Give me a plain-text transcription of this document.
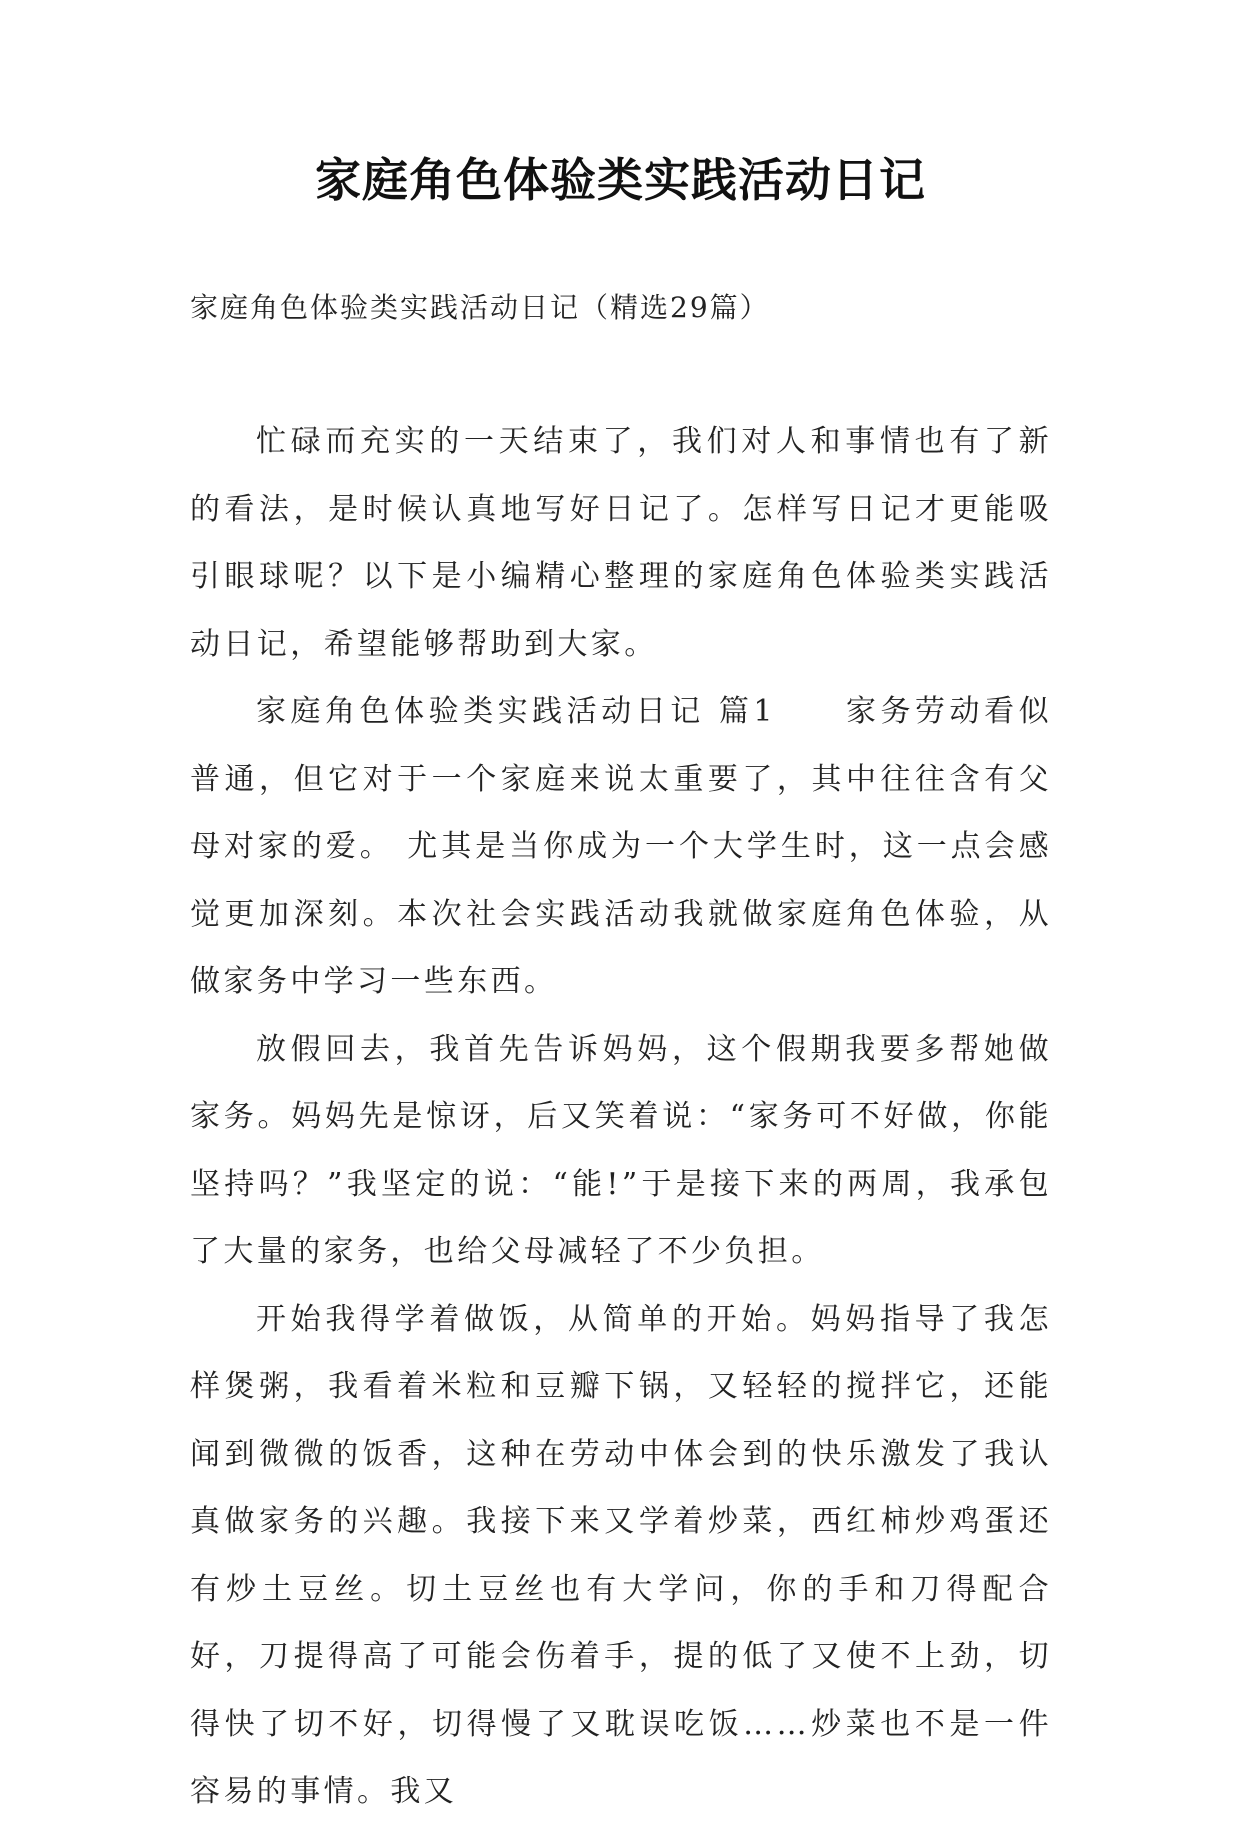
家庭角色体验类实践活动日记
家庭角色体验类实践活动日记（精选29篇）

忙碌而充实的一天结束了，我们对人和事情也有了新的看法，是时候认真地写好日记了。怎样写日记才更能吸引眼球呢？以下是小编精心整理的家庭角色体验类实践活动日记，希望能够帮助到大家。

家庭角色体验类实践活动日记 篇1　　家务劳动看似普通，但它对于一个家庭来说太重要了，其中往往含有父母对家的爱。 尤其是当你成为一个大学生时，这一点会感觉更加深刻。本次社会实践活动我就做家庭角色体验，从做家务中学习一些东西。

放假回去，我首先告诉妈妈，这个假期我要多帮她做家务。妈妈先是惊讶，后又笑着说：“家务可不好做，你能坚持吗？”我坚定的说：“能!”于是接下来的两周，我承包了大量的家务，也给父母减轻了不少负担。

开始我得学着做饭，从简单的开始。妈妈指导了我怎样煲粥，我看着米粒和豆瓣下锅，又轻轻的搅拌它，还能闻到微微的饭香，这种在劳动中体会到的快乐激发了我认真做家务的兴趣。我接下来又学着炒菜，西红柿炒鸡蛋还有炒土豆丝。切土豆丝也有大学问，你的手和刀得配合好，刀提得高了可能会伤着手，提的低了又使不上劲，切得快了切不好，切得慢了又耽误吃饭……炒菜也不是一件容易的事情。我又
